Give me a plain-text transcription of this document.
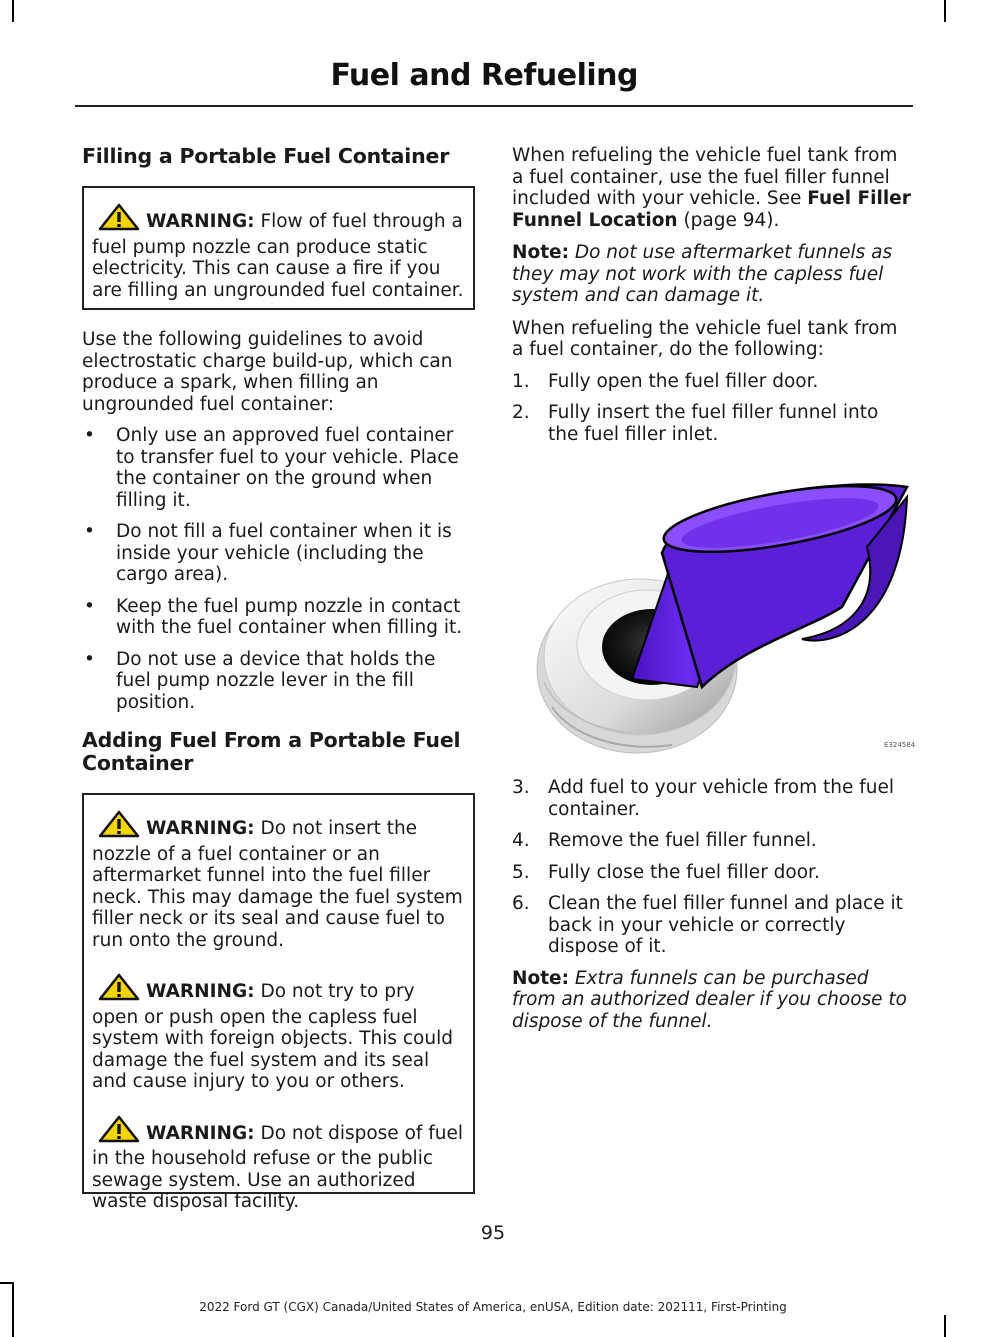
Fuel and Refueling
Filling a Portable Fuel Container

WARNING: Flow of fuel through a fuel pump nozzle can produce static electricity. This can cause a fire if you are filling an ungrounded fuel container.

Use the following guidelines to avoid electrostatic charge build-up, which can produce a spark, when filling an ungrounded fuel container:

• Only use an approved fuel container to transfer fuel to your vehicle. Place the container on the ground when filling it.
• Do not fill a fuel container when it is inside your vehicle (including the cargo area).
• Keep the fuel pump nozzle in contact with the fuel container when filling it.
• Do not use a device that holds the fuel pump nozzle lever in the fill position.
Adding Fuel From a Portable Fuel Container

WARNING: Do not insert the nozzle of a fuel container or an aftermarket funnel into the fuel filler neck. This may damage the fuel system filler neck or its seal and cause fuel to run onto the ground.

WARNING: Do not try to pry open or push open the capless fuel system with foreign objects. This could damage the fuel system and its seal and cause injury to you or others.

WARNING: Do not dispose of fuel in the household refuse or the public sewage system. Use an authorized waste disposal facility.

When refueling the vehicle fuel tank from a fuel container, use the fuel filler funnel included with your vehicle. See Fuel Filler Funnel Location (page 94).

Note: Do not use aftermarket funnels as they may not work with the capless fuel system and can damage it.

When refueling the vehicle fuel tank from a fuel container, do the following:

1. Fully open the fuel filler door.
2. Fully insert the fuel filler funnel into the fuel filler inlet.
E324584
3. Add fuel to your vehicle from the fuel container.
4. Remove the fuel filler funnel.
5. Fully close the fuel filler door.
6. Clean the fuel filler funnel and place it back in your vehicle or correctly dispose of it.

Note: Extra funnels can be purchased from an authorized dealer if you choose to dispose of the funnel.

95
2022 Ford GT (CGX) Canada/United States of America, enUSA, Edition date: 202111, First-Printing
